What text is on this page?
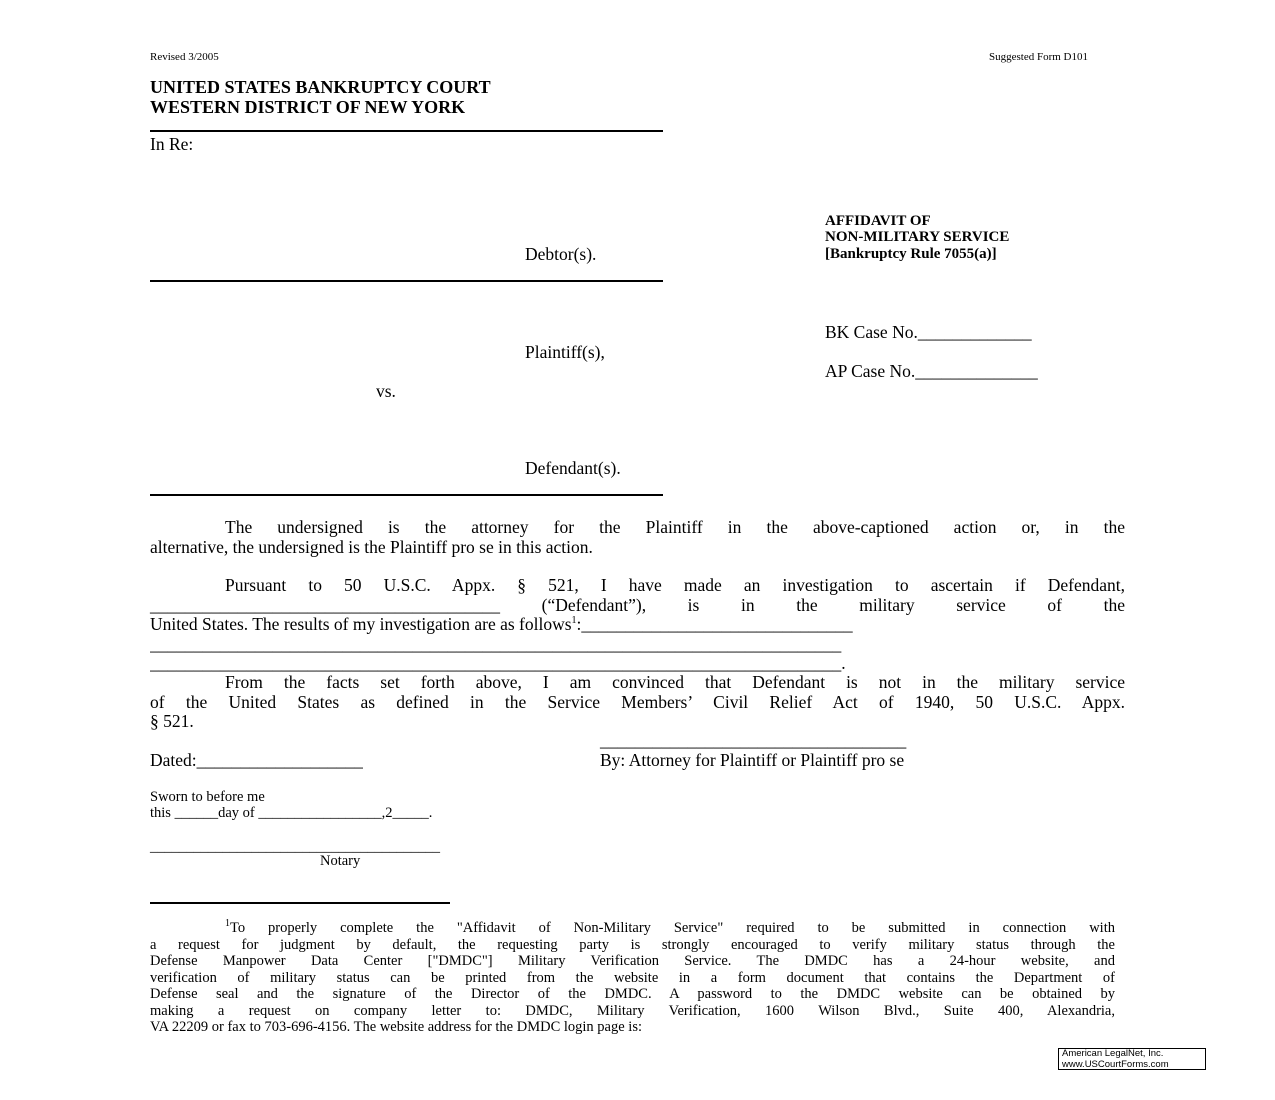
Revised 3/2005	Suggested Form D101
UNITED STATES BANKRUPTCY COURT
WESTERN DISTRICT OF NEW YORK
In Re:
Debtor(s).
Plaintiff(s),
vs.
Defendant(s).
AFFIDAVIT OF
NON-MILITARY SERVICE
[Bankruptcy Rule 7055(a)]
BK Case No._____________
AP Case No.______________
The undersigned is the attorney for the Plaintiff in the above-captioned action or, in the
alternative, the undersigned is the Plaintiff pro se in this action.
Pursuant to 50 U.S.C. Appx. § 521, I have made an investigation to ascertain if Defendant,
________________________________________ (“Defendant”), is in the military service of the
United States. The results of my investigation are as follows$^1$:_______________________________
_______________________________________________________________________________
_______________________________________________________________________________.
From the facts set forth above, I am convinced that Defendant is not in the military service
of the United States as defined in the Service Members’ Civil Relief Act of 1940, 50 U.S.C. Appx.
§ 521.
___________________________________
Dated:___________________	By: Attorney for Plaintiff or Plaintiff pro se
Sworn to before me
this ______day of _________________,2_____.
________________________________________
Notary
$^1$To properly complete the "Affidavit of Non-Military Service" required to be submitted in connection with
a request for judgment by default, the requesting party is strongly encouraged to verify military status through the
Defense Manpower Data Center ["DMDC"] Military Verification Service. The DMDC has a 24-hour website, and
verification of military status can be printed from the website in a form document that contains the Department of
Defense seal and the signature of the Director of the DMDC. A password to the DMDC website can be obtained by
making a request on company letter to: DMDC, Military Verification, 1600 Wilson Blvd., Suite 400, Alexandria,
VA 22209 or fax to 703-696-4156. The website address for the DMDC login page is:
American LegalNet, Inc.
www.USCourtForms.com
